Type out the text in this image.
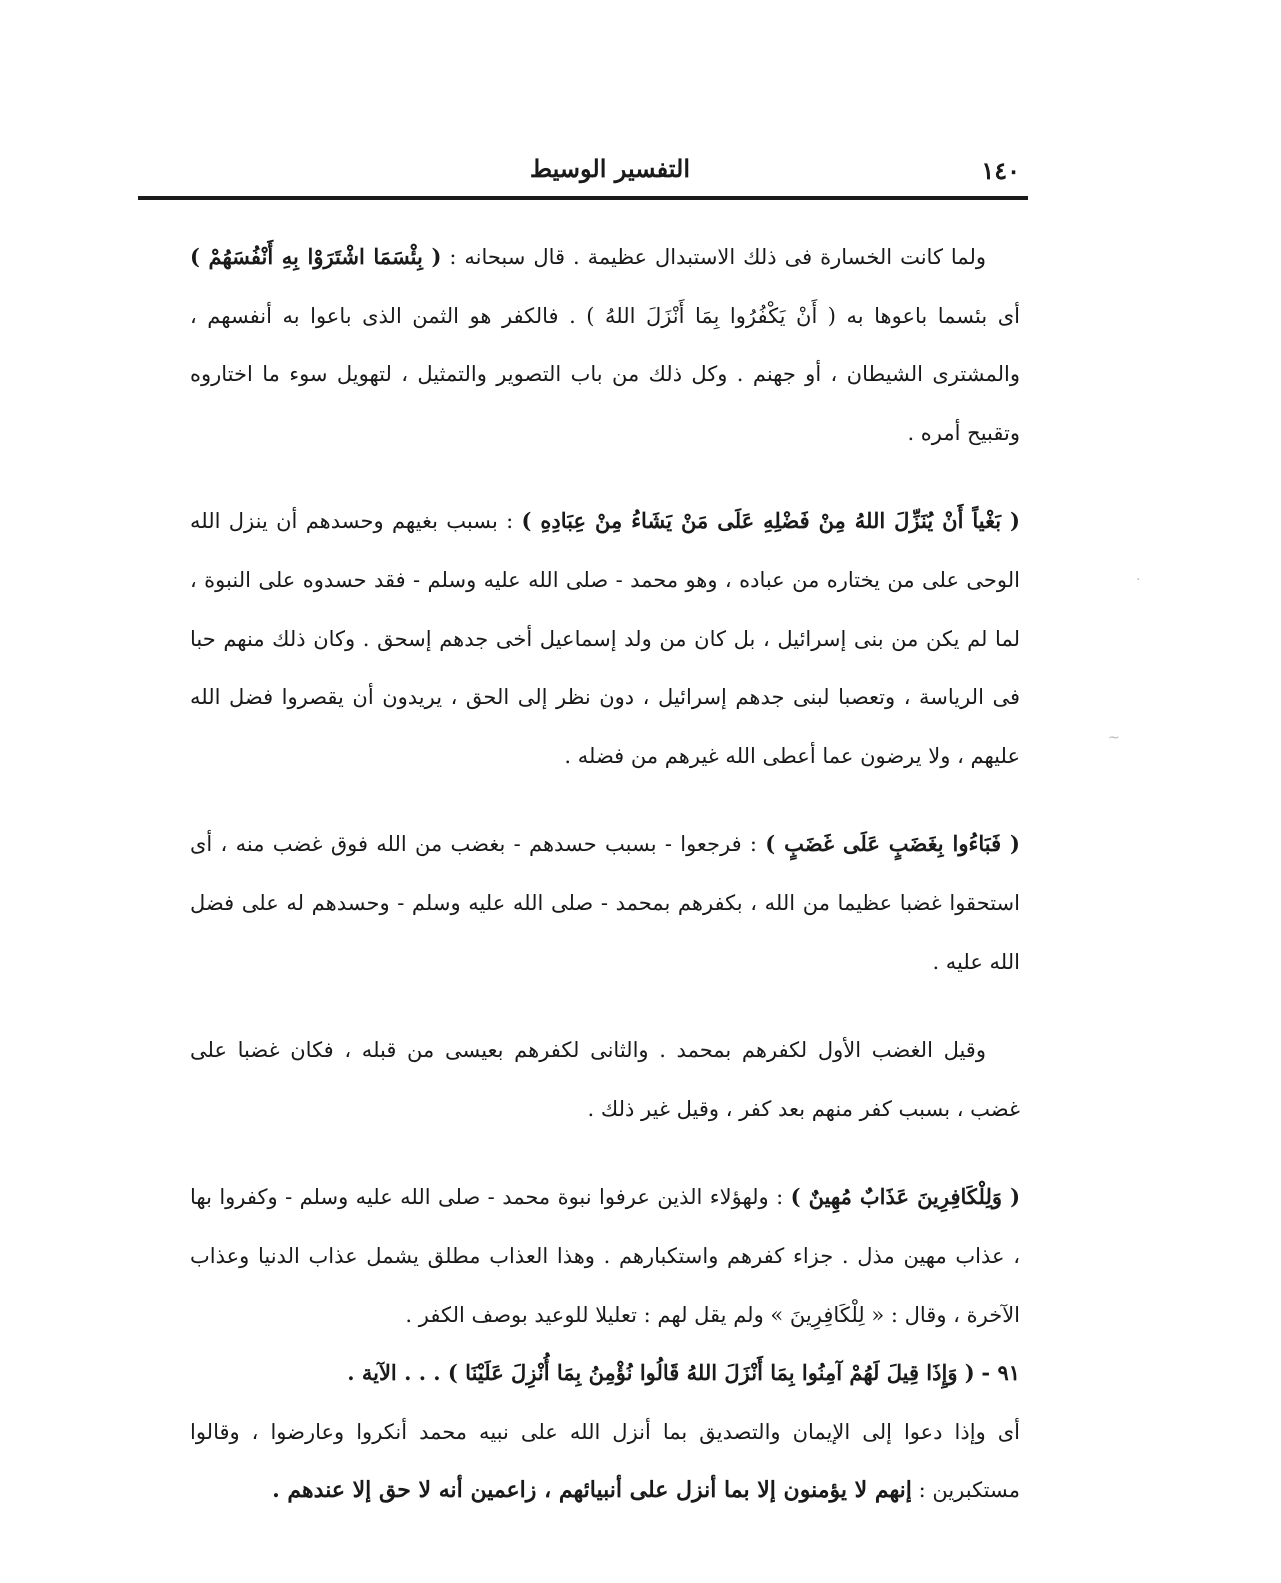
١٤٠
التفسير الوسيط

ولما كانت الخسارة فى ذلك الاستبدال عظيمة . قال سبحانه : ( بِئْسَمَا اشْتَرَوْا بِهِ أَنْفُسَهُمْ ) أى بئسما باعوها به ( أَنْ يَكْفُرُوا بِمَا أَنْزَلَ اللهُ ) . فالكفر هو الثمن الذى باعوا به أنفسهم ، والمشترى الشيطان ، أو جهنم . وكل ذلك من باب التصوير والتمثيل ، لتهويل سوء ما اختاروه وتقبيح أمره .

( بَغْياً أَنْ يُنَزِّلَ اللهُ مِنْ فَضْلِهِ عَلَى مَنْ يَشَاءُ مِنْ عِبَادِهِ ) : بسبب بغيهم وحسدهم أن ينزل الله الوحى على من يختاره من عباده ، وهو محمد - صلى الله عليه وسلم - فقد حسدوه على النبوة ، لما لم يكن من بنى إسرائيل ، بل كان من ولد إسماعيل أخى جدهم إسحق . وكان ذلك منهم حبا فى الرياسة ، وتعصبا لبنى جدهم إسرائيل ، دون نظر إلى الحق ، يريدون أن يقصروا فضل الله عليهم ، ولا يرضون عما أعطى الله غيرهم من فضله .

( فَبَاءُوا بِغَضَبٍ عَلَى غَضَبٍ ) : فرجعوا - بسبب حسدهم - بغضب من الله فوق غضب منه ، أى استحقوا غضبا عظيما من الله ، بكفرهم بمحمد - صلى الله عليه وسلم - وحسدهم له على فضل الله عليه .

وقيل الغضب الأول لكفرهم بمحمد . والثانى لكفرهم بعيسى من قبله ، فكان غضبا على غضب ، بسبب كفر منهم بعد كفر ، وقيل غير ذلك .

( وَلِلْكَافِرِينَ عَذَابٌ مُهِينٌ ) : ولهؤلاء الذين عرفوا نبوة محمد - صلى الله عليه وسلم - وكفروا بها ، عذاب مهين مذل . جزاء كفرهم واستكبارهم . وهذا العذاب مطلق يشمل عذاب الدنيا وعذاب الآخرة ، وقال : « لِلْكَافِرِينَ » ولم يقل لهم : تعليلا للوعيد بوصف الكفر .

٩١ - ( وَإِذَا قِيلَ لَهُمْ آمِنُوا بِمَا أَنْزَلَ اللهُ قَالُوا نُؤْمِنُ بِمَا أُنْزِلَ عَلَيْنَا ) . . . الآية .

أى وإذا دعوا إلى الإيمان والتصديق بما أنزل الله على نبيه محمد أنكروا وعارضوا ، وقالوا مستكبرين : إنهم لا يؤمنون إلا بما أنزل على أنبيائهم ، زاعمين أنه لا حق إلا عندهم .

~
·
